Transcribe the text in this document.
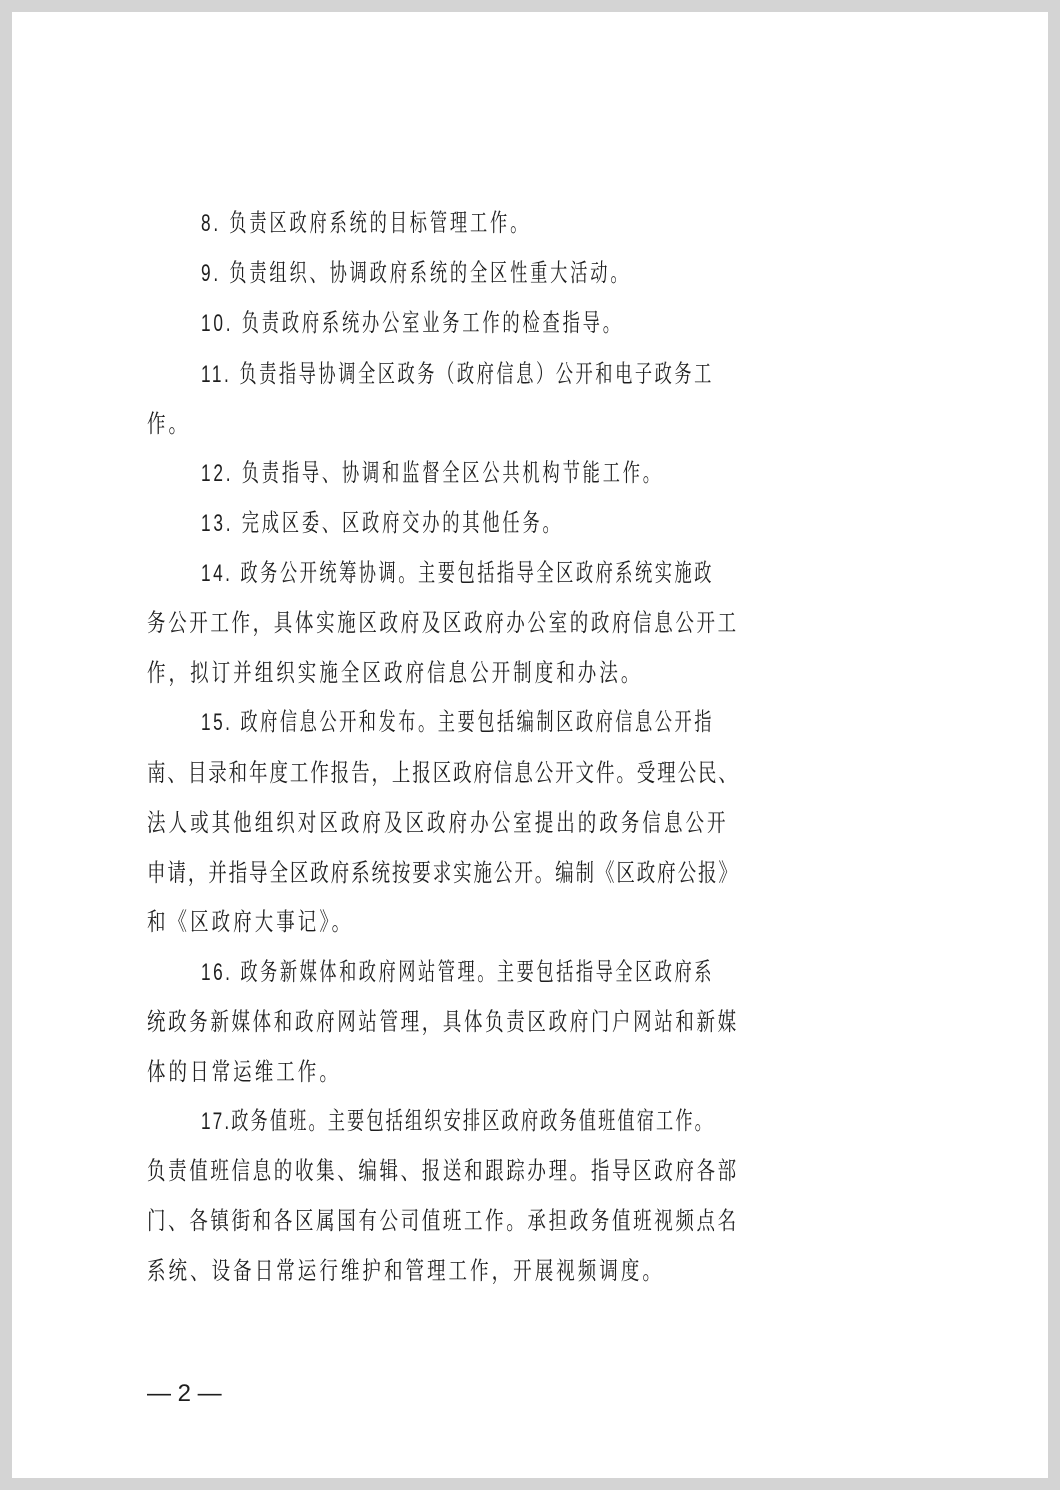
8. 负责区政府系统的目标管理工作。

9. 负责组织、协调政府系统的全区性重大活动。

10. 负责政府系统办公室业务工作的检查指导。

11. 负责指导协调全区政务（政府信息）公开和电子政务工

作。

12. 负责指导、协调和监督全区公共机构节能工作。

13. 完成区委、区政府交办的其他任务。

14. 政务公开统筹协调。主要包括指导全区政府系统实施政

务公开工作，具体实施区政府及区政府办公室的政府信息公开工

作，拟订并组织实施全区政府信息公开制度和办法。

15. 政府信息公开和发布。主要包括编制区政府信息公开指

南、目录和年度工作报告，上报区政府信息公开文件。受理公民、

法人或其他组织对区政府及区政府办公室提出的政务信息公开

申请，并指导全区政府系统按要求实施公开。编制《区政府公报》

和《区政府大事记》。

16. 政务新媒体和政府网站管理。主要包括指导全区政府系

统政务新媒体和政府网站管理，具体负责区政府门户网站和新媒

体的日常运维工作。

17.政务值班。主要包括组织安排区政府政务值班值宿工作。

负责值班信息的收集、编辑、报送和跟踪办理。指导区政府各部

门、各镇街和各区属国有公司值班工作。承担政务值班视频点名

系统、设备日常运行维护和管理工作，开展视频调度。

— 2 —
